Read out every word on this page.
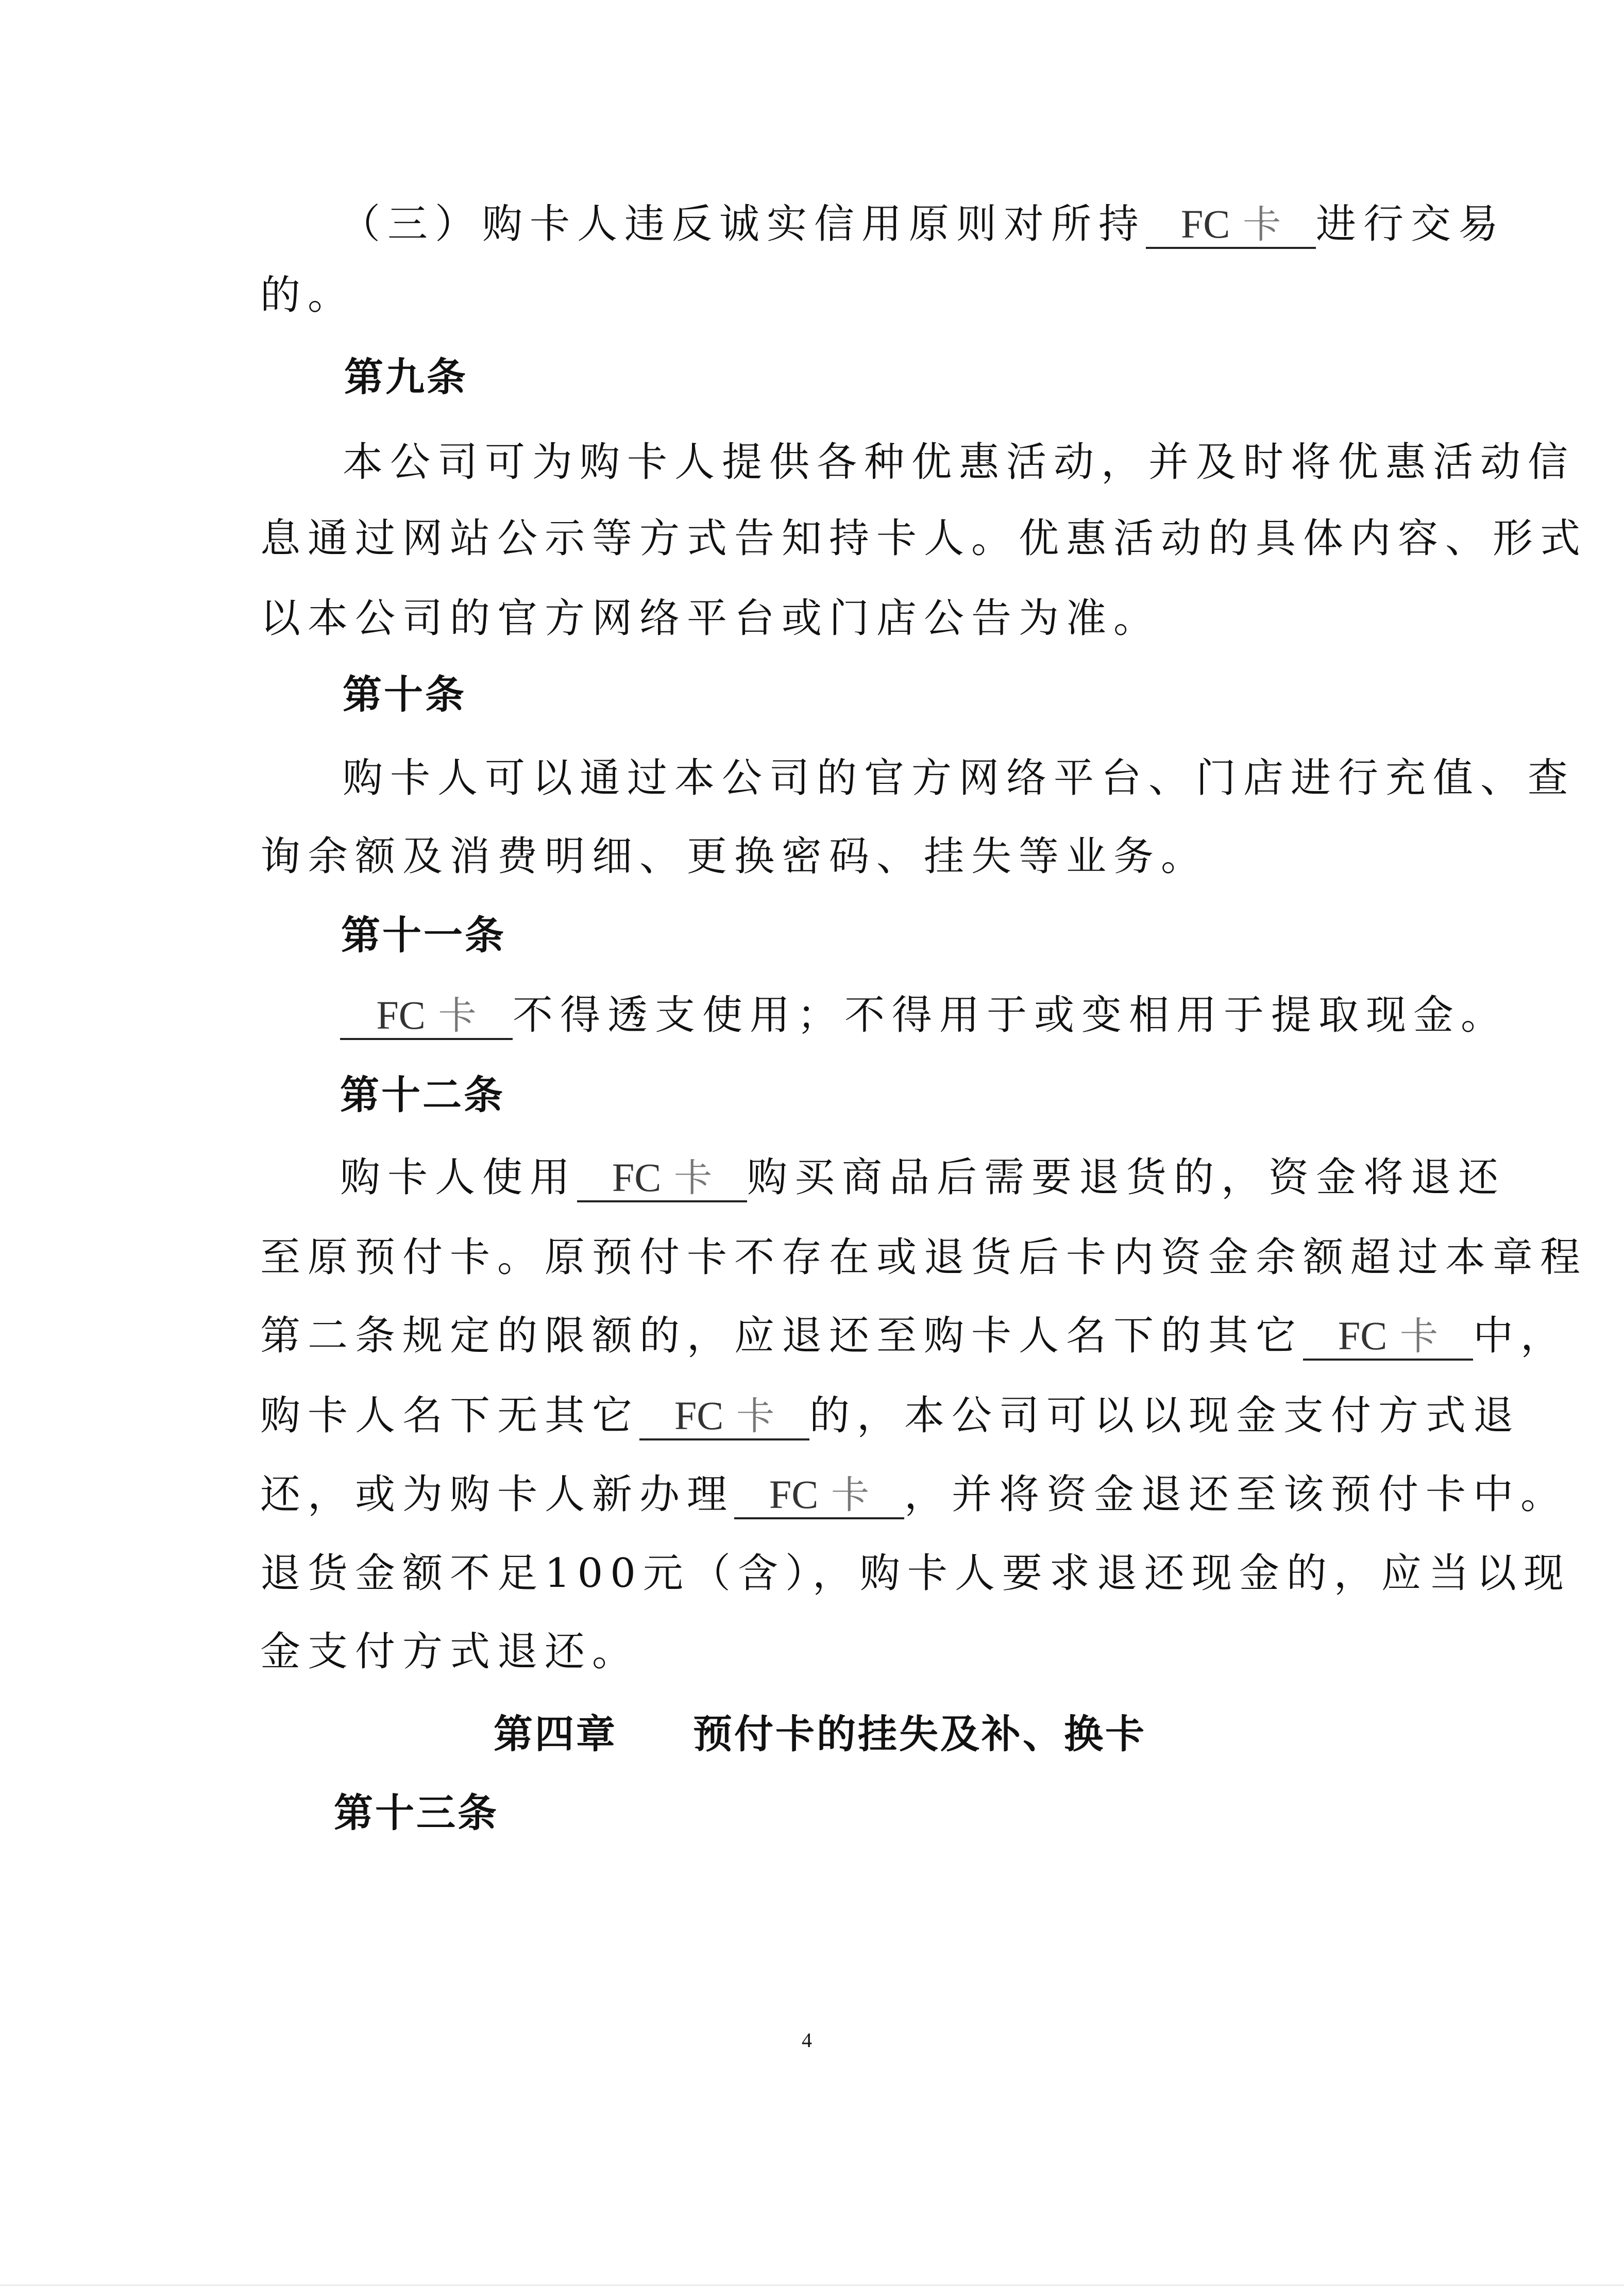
（三）购卡人违反诚实信用原则对所持 FC 卡 进行交易
的。
第九条
本公司可为购卡人提供各种优惠活动，并及时将优惠活动信
息通过网站公示等方式告知持卡人。优惠活动的具体内容、形式
以本公司的官方网络平台或门店公告为准。
第十条
购卡人可以通过本公司的官方网络平台、门店进行充值、查
询余额及消费明细、更换密码、挂失等业务。
第十一条
FC 卡 不得透支使用；不得用于或变相用于提取现金。
第十二条
购卡人使用 FC 卡 购买商品后需要退货的，资金将退还
至原预付卡。原预付卡不存在或退货后卡内资金余额超过本章程
第二条规定的限额的，应退还至购卡人名下的其它 FC 卡 中，
购卡人名下无其它 FC 卡 的，本公司可以以现金支付方式退
还，或为购卡人新办理 FC 卡 ，并将资金退还至该预付卡中。
退货金额不足100元（含），购卡人要求退还现金的，应当以现
金支付方式退还。
第四章 预付卡的挂失及补、换卡
第十三条
4
